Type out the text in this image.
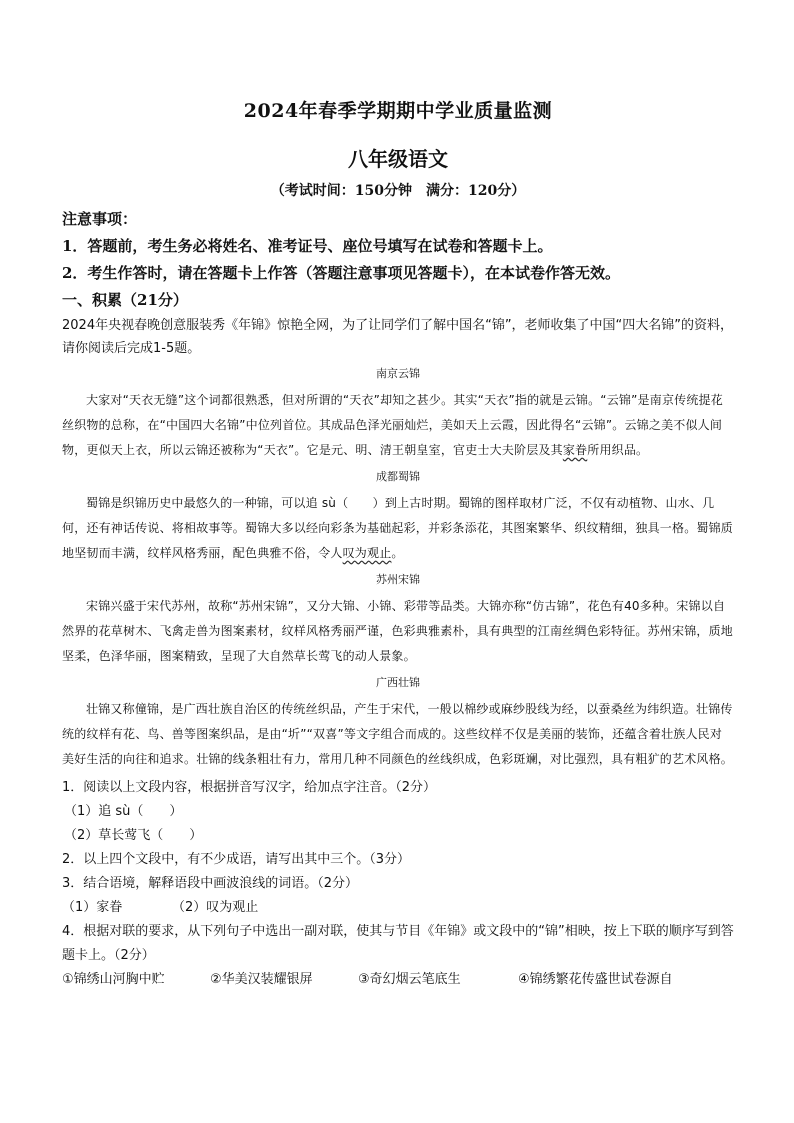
2024年春季学期期中学业质量监测
八年级语文
（考试时间：150分钟　满分：120分）
注意事项：
1．答题前，考生务必将姓名、准考证号、座位号填写在试卷和答题卡上。
2．考生作答时，请在答题卡上作答（答题注意事项见答题卡），在本试卷作答无效。
一、积累（21分）

2024年央视春晚创意服装秀《年锦》惊艳全网，为了让同学们了解中国名“锦”，老师收集了中国“四大名锦”的资料，请你阅读后完成1-5题。

南京云锦

大家对“天衣无缝”这个词都很熟悉，但对所谓的“天衣”却知之甚少。其实“天衣”指的就是云锦。“云锦”是南京传统提花丝织物的总称，在“中国四大名锦”中位列首位。其成品色泽光丽灿烂，美如天上云霞，因此得名“云锦”。云锦之美不似人间物，更似天上衣，所以云锦还被称为“天衣”。它是元、明、清王朝皇室，官吏士大夫阶层及其家眷所用织品。

成都蜀锦

蜀锦是织锦历史中最悠久的一种锦，可以追 sù（　　）到上古时期。蜀锦的图样取材广泛，不仅有动植物、山水、几何，还有神话传说、将相故事等。蜀锦大多以经向彩条为基础起彩，并彩条添花，其图案繁华、织纹精细，独具一格。蜀锦质地坚韧而丰满，纹样风格秀丽，配色典雅不俗，令人叹为观止。

苏州宋锦

宋锦兴盛于宋代苏州，故称“苏州宋锦”，又分大锦、小锦、彩带等品类。大锦亦称“仿古锦”，花色有40多种。宋锦以自然界的花草树木、飞禽走兽为图案素材，纹样风格秀丽严谨，色彩典雅素朴，具有典型的江南丝绸色彩特征。苏州宋锦，质地坚柔，色泽华丽，图案精致，呈现了大自然草长莺飞的动人景象。

广西壮锦

壮锦又称僮锦，是广西壮族自治区的传统丝织品，产生于宋代，一般以棉纱或麻纱股线为经，以蚕桑丝为纬织造。壮锦传统的纹样有花、鸟、兽等图案织品，是由“圻”“双喜”等文字组合而成的。这些纹样不仅是美丽的装饰，还蕴含着壮族人民对美好生活的向往和追求。壮锦的线条粗壮有力，常用几种不同颜色的丝线织成，色彩斑斓，对比强烈，具有粗犷的艺术风格。

1．阅读以上文段内容，根据拼音写汉字，给加点字注音。（2分）

（1）追 sù（　　）

（2）草长莺飞（　　）

2．以上四个文段中，有不少成语，请写出其中三个。（3分）

3．结合语境，解释语段中画波浪线的词语。（2分）

（1）家眷	（2）叹为观止

4．根据对联的要求，从下列句子中选出一副对联，使其与节目《年锦》或文段中的“锦”相映，按上下联的顺序写到答题卡上。（2分）

①锦绣山河胸中贮	②华美汉装耀银屏	③奇幻烟云笔底生	④锦绣繁花传盛世试卷源自
